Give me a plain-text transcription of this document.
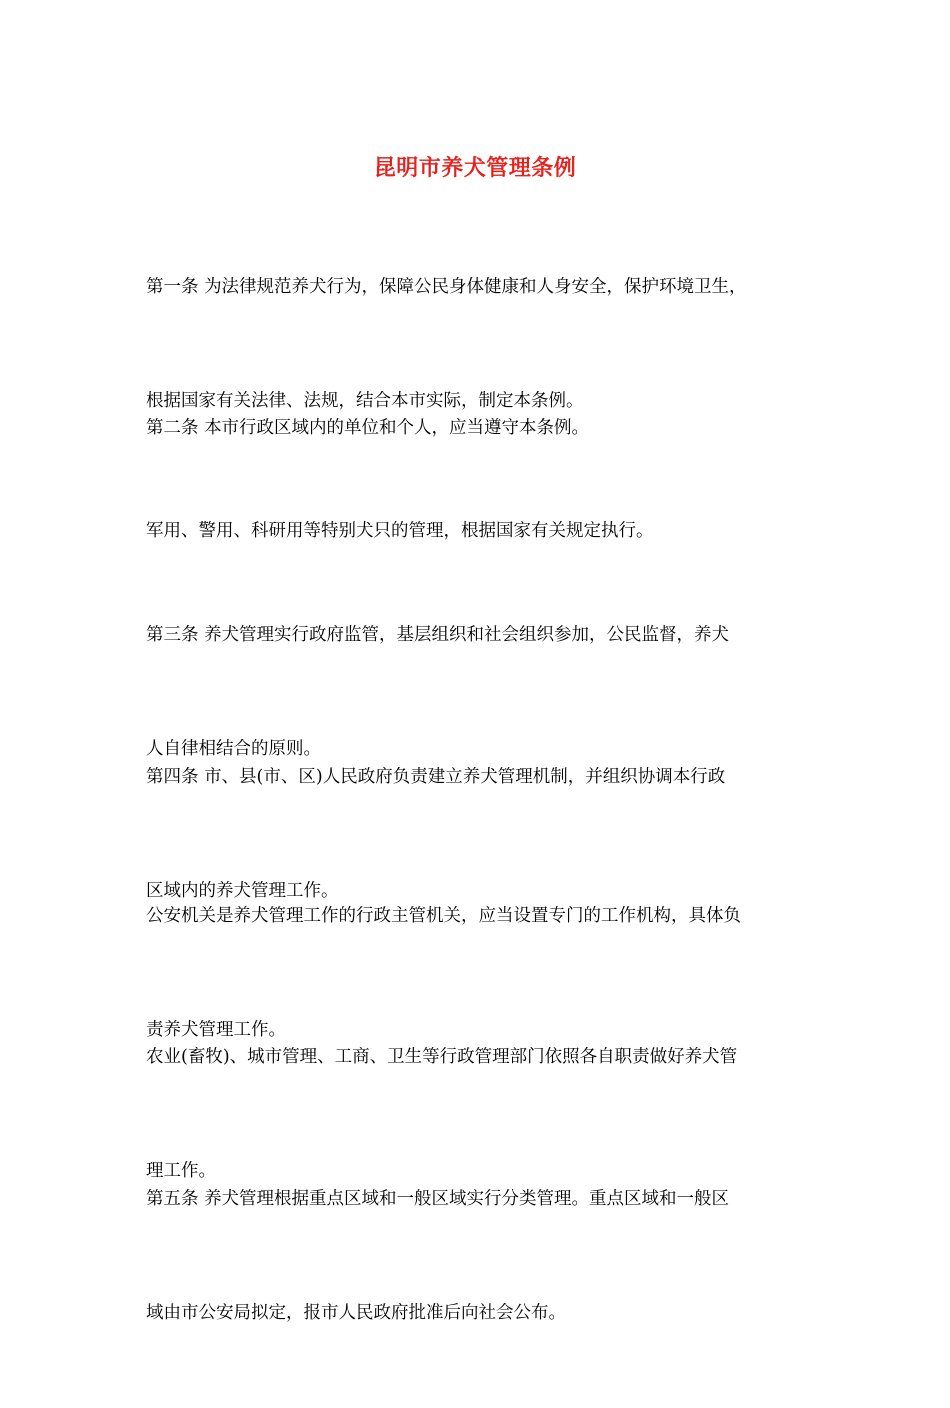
昆明市养犬管理条例

第一条 为法律规范养犬行为，保障公民身体健康和人身安全，保护环境卫生，

根据国家有关法律、法规，结合本市实际，制定本条例。

第二条 本市行政区域内的单位和个人，应当遵守本条例。

军用、警用、科研用等特别犬只的管理，根据国家有关规定执行。

第三条 养犬管理实行政府监管，基层组织和社会组织参加，公民监督，养犬

人自律相结合的原则。

第四条 市、县(市、区)人民政府负责建立养犬管理机制，并组织协调本行政

区域内的养犬管理工作。

公安机关是养犬管理工作的行政主管机关，应当设置专门的工作机构，具体负

责养犬管理工作。

农业(畜牧)、城市管理、工商、卫生等行政管理部门依照各自职责做好养犬管

理工作。

第五条 养犬管理根据重点区域和一般区域实行分类管理。重点区域和一般区

域由市公安局拟定，报市人民政府批准后向社会公布。
